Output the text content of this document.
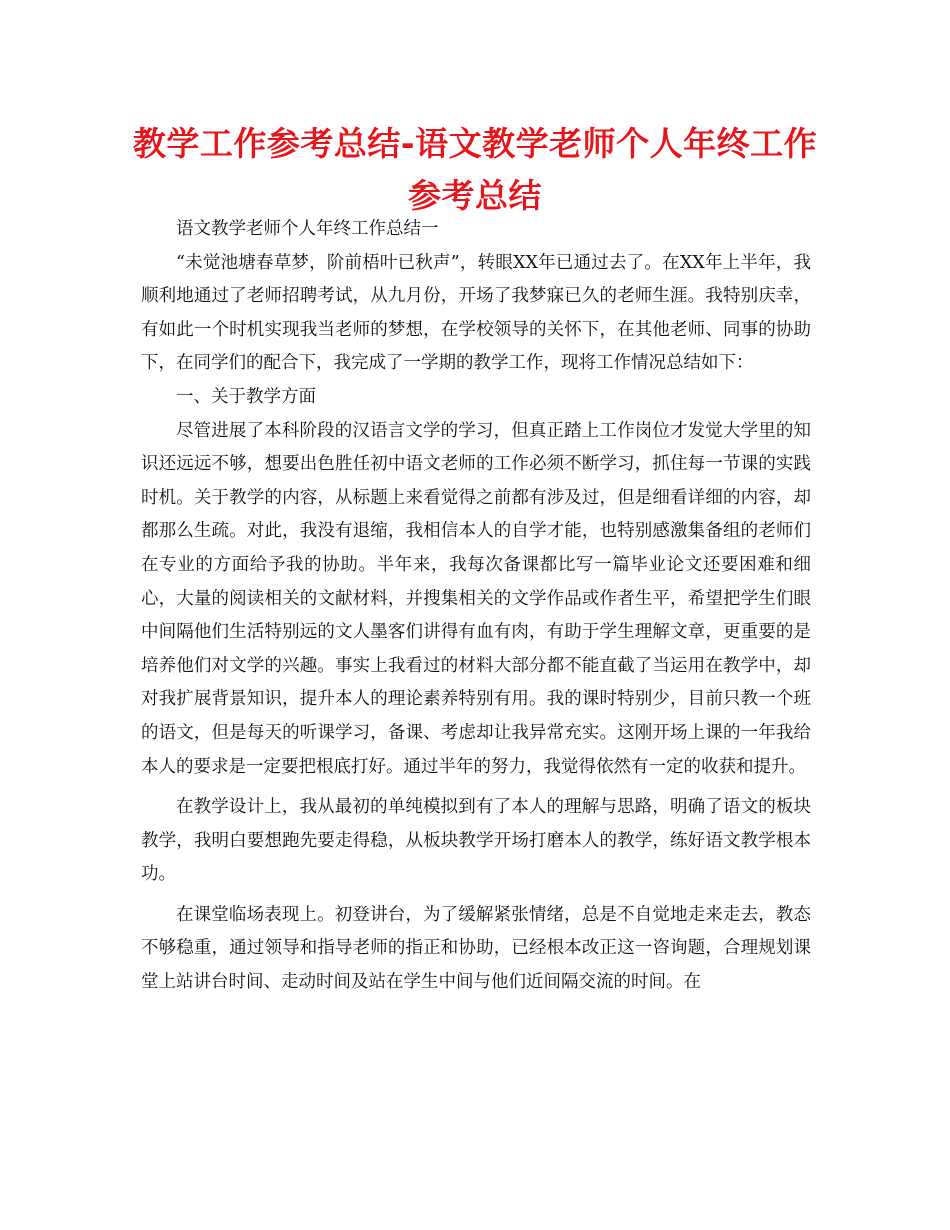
教学工作参考总结-语文教学老师个人年终工作参考总结

语文教学老师个人年终工作总结一

“未觉池塘春草梦，阶前梧叶已秋声”，转眼XX年已通过去了。在XX年上半年，我顺利地通过了老师招聘考试，从九月份，开场了我梦寐已久的老师生涯。我特别庆幸，有如此一个时机实现我当老师的梦想，在学校领导的关怀下，在其他老师、同事的协助下，在同学们的配合下，我完成了一学期的教学工作，现将工作情况总结如下：

一、关于教学方面

尽管进展了本科阶段的汉语言文学的学习，但真正踏上工作岗位才发觉大学里的知识还远远不够，想要出色胜任初中语文老师的工作必须不断学习，抓住每一节课的实践时机。关于教学的内容，从标题上来看觉得之前都有涉及过，但是细看详细的内容，却都那么生疏。对此，我没有退缩，我相信本人的自学才能，也特别感激集备组的老师们在专业的方面给予我的协助。半年来，我每次备课都比写一篇毕业论文还要困难和细心，大量的阅读相关的文献材料，并搜集相关的文学作品或作者生平，希望把学生们眼中间隔他们生活特别远的文人墨客们讲得有血有肉，有助于学生理解文章，更重要的是培养他们对文学的兴趣。事实上我看过的材料大部分都不能直截了当运用在教学中，却对我扩展背景知识，提升本人的理论素养特别有用。我的课时特别少，目前只教一个班的语文，但是每天的听课学习，备课、考虑却让我异常充实。这刚开场上课的一年我给本人的要求是一定要把根底打好。通过半年的努力，我觉得依然有一定的收获和提升。

在教学设计上，我从最初的单纯模拟到有了本人的理解与思路，明确了语文的板块教学，我明白要想跑先要走得稳，从板块教学开场打磨本人的教学，练好语文教学根本功。

在课堂临场表现上。初登讲台，为了缓解紧张情绪，总是不自觉地走来走去，教态不够稳重，通过领导和指导老师的指正和协助，已经根本改正这一咨询题，合理规划课堂上站讲台时间、走动时间及站在学生中间与他们近间隔交流的时间。在
